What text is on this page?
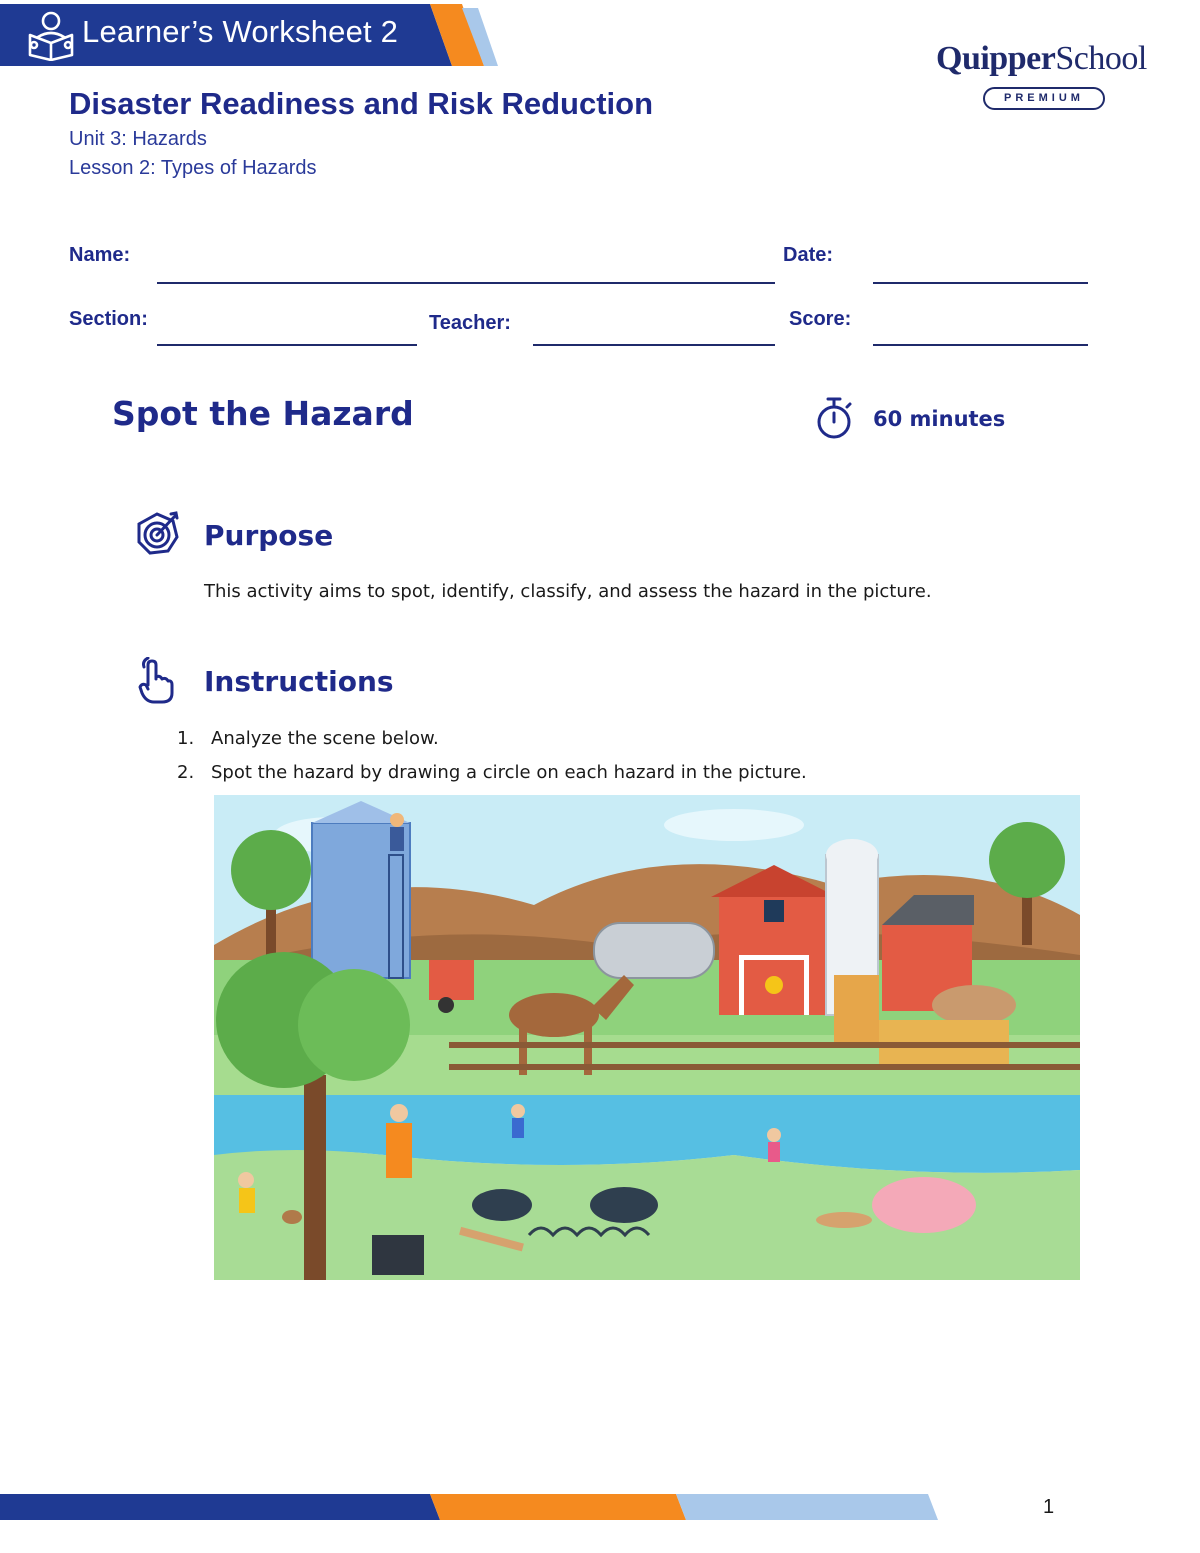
Learner’s Worksheet 2
QuipperSchool
PREMIUM
Disaster Readiness and Risk Reduction
Unit 3: Hazards
Lesson 2: Types of Hazards
Name:	Date:
Section:	Teacher:	Score:
Spot the Hazard	60 minutes
Purpose
This activity aims to spot, identify, classify, and assess the hazard in the picture.
Instructions
1. Analyze the scene below.
2. Spot the hazard by drawing a circle on each hazard in the picture.
1
